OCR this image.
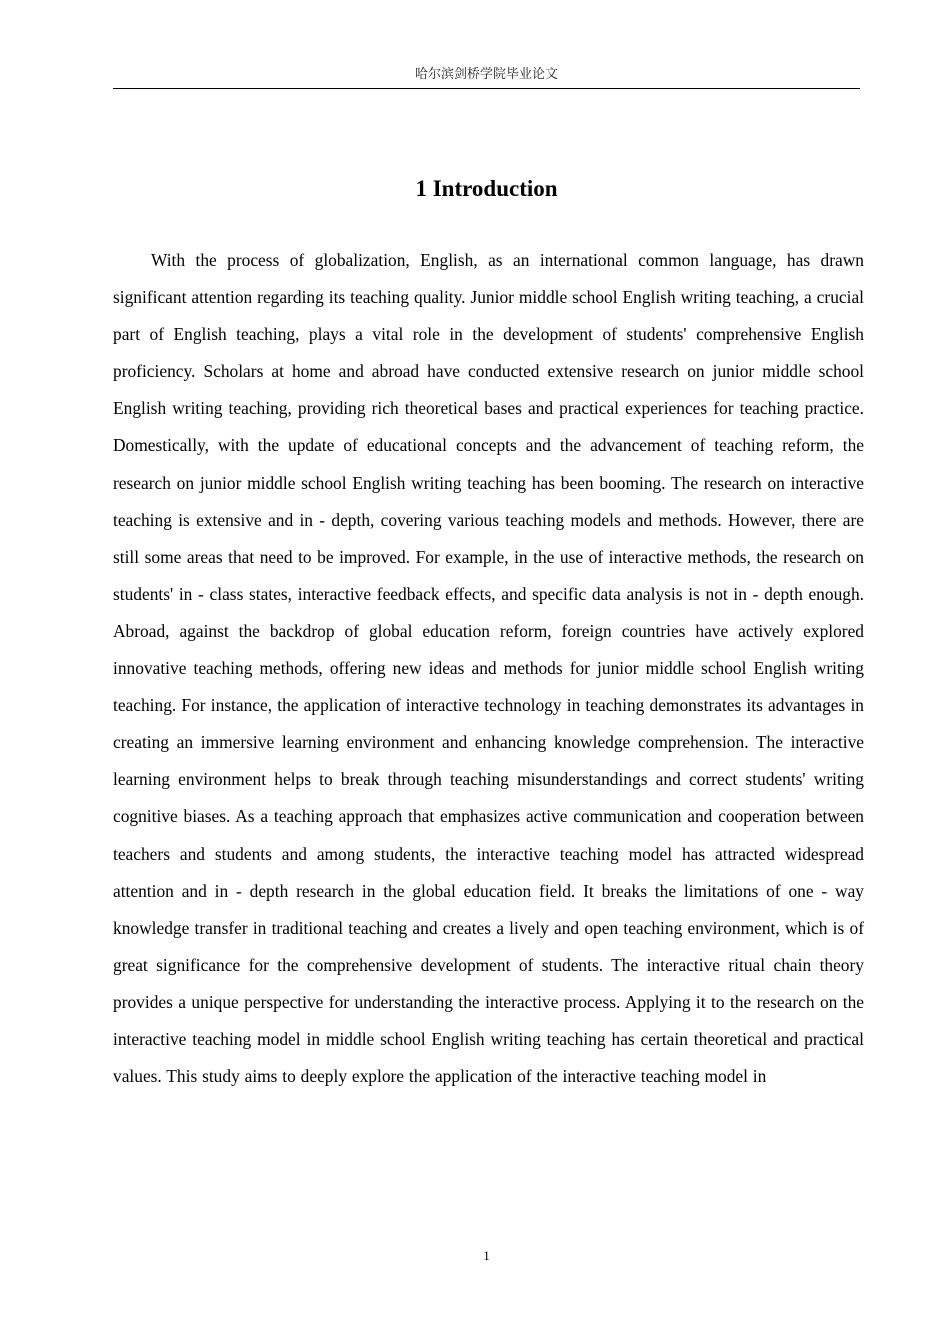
哈尔滨剑桥学院毕业论文
1 Introduction

With the process of globalization, English, as an international common language, has drawn significant attention regarding its teaching quality. Junior middle school English writing teaching, a crucial part of English teaching, plays a vital role in the development of students' comprehensive English proficiency. Scholars at home and abroad have conducted extensive research on junior middle school English writing teaching, providing rich theoretical bases and practical experiences for teaching practice. Domestically, with the update of educational concepts and the advancement of teaching reform, the research on junior middle school English writing teaching has been booming. The research on interactive teaching is extensive and in - depth, covering various teaching models and methods. However, there are still some areas that need to be improved. For example, in the use of interactive methods, the research on students' in - class states, interactive feedback effects, and specific data analysis is not in - depth enough. Abroad, against the backdrop of global education reform, foreign countries have actively explored innovative teaching methods, offering new ideas and methods for junior middle school English writing teaching. For instance, the application of interactive technology in teaching demonstrates its advantages in creating an immersive learning environment and enhancing knowledge comprehension. The interactive learning environment helps to break through teaching misunderstandings and correct students' writing cognitive biases. As a teaching approach that emphasizes active communication and cooperation between teachers and students and among students, the interactive teaching model has attracted widespread attention and in - depth research in the global education field. It breaks the limitations of one - way knowledge transfer in traditional teaching and creates a lively and open teaching environment, which is of great significance for the comprehensive development of students. The interactive ritual chain theory provides a unique perspective for understanding the interactive process. Applying it to the research on the interactive teaching model in middle school English writing teaching has certain theoretical and practical values. This study aims to deeply explore the application of the interactive teaching model in

1
